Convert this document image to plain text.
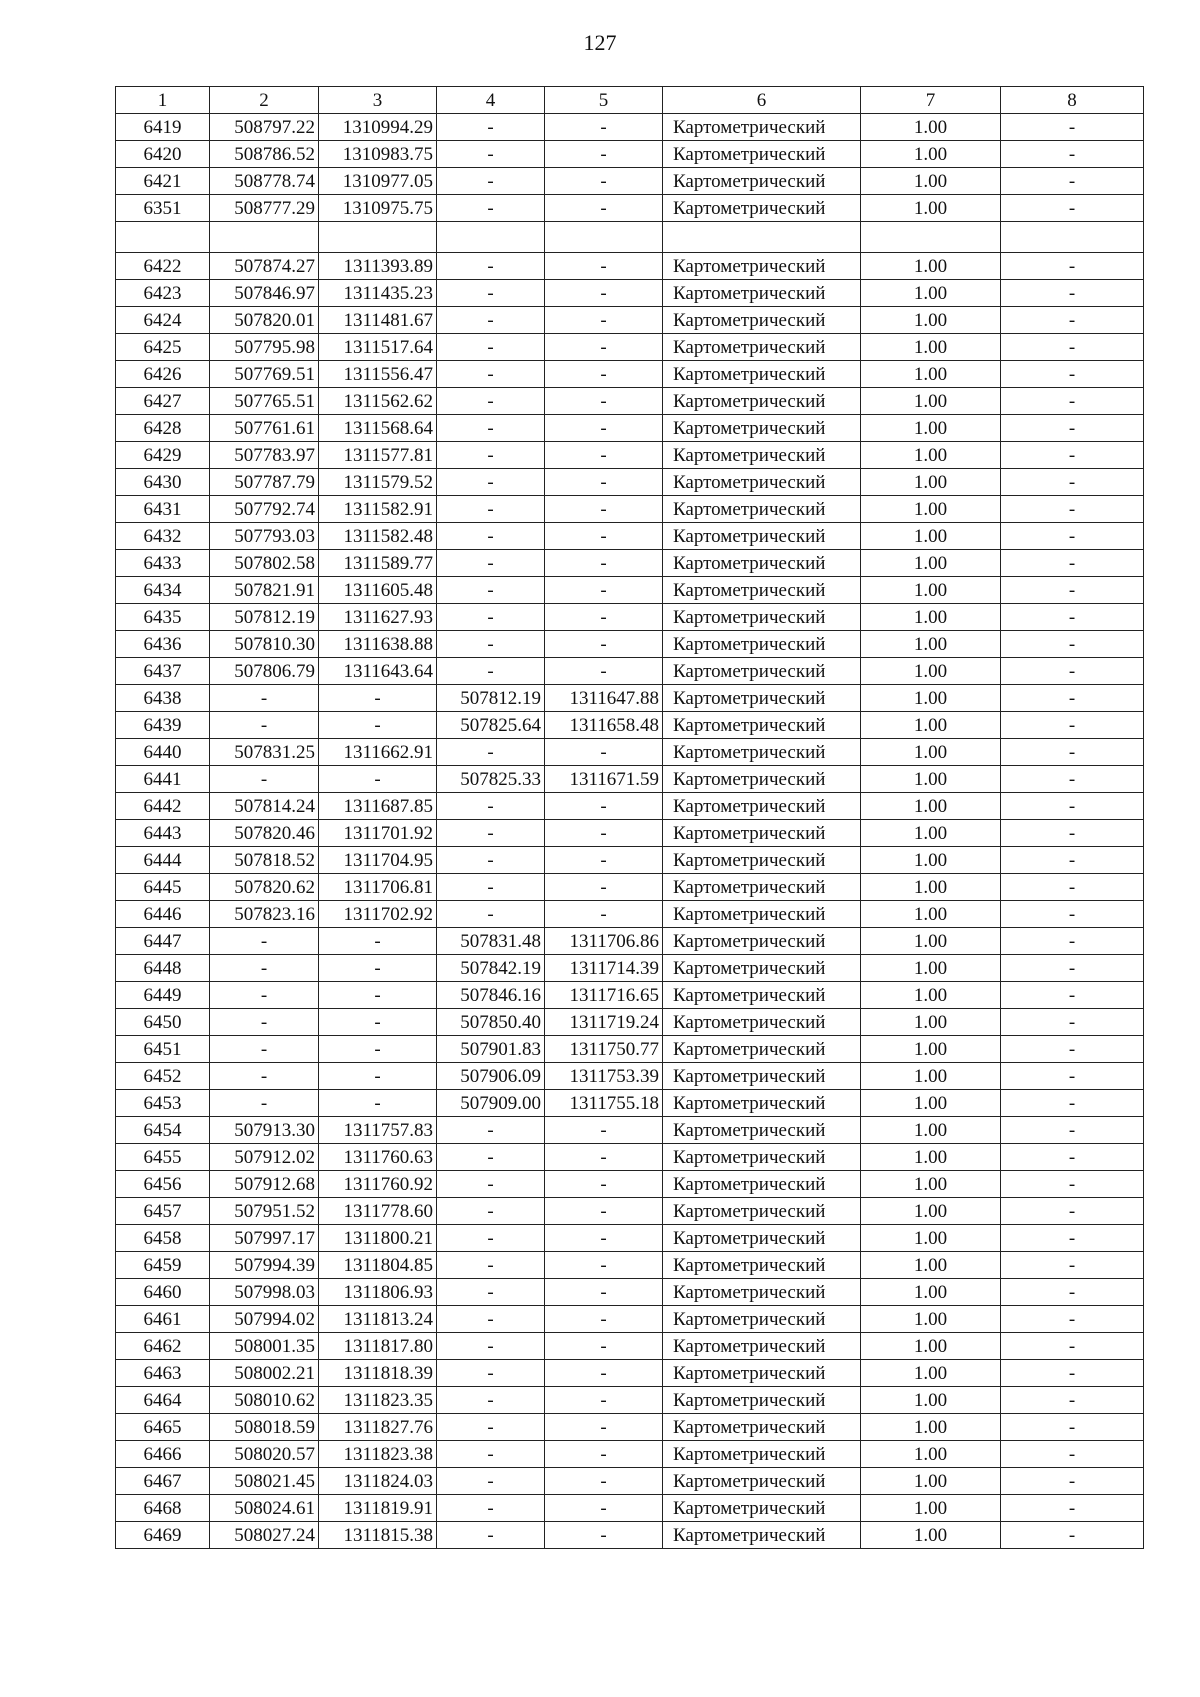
127
1	2	3	4	5	6	7	8
6419	508797.22	1310994.29	-	-	Картометрический	1.00	-
6420	508786.52	1310983.75	-	-	Картометрический	1.00	-
6421	508778.74	1310977.05	-	-	Картометрический	1.00	-
6351	508777.29	1310975.75	-	-	Картометрический	1.00	-

6422	507874.27	1311393.89	-	-	Картометрический	1.00	-
6423	507846.97	1311435.23	-	-	Картометрический	1.00	-
6424	507820.01	1311481.67	-	-	Картометрический	1.00	-
6425	507795.98	1311517.64	-	-	Картометрический	1.00	-
6426	507769.51	1311556.47	-	-	Картометрический	1.00	-
6427	507765.51	1311562.62	-	-	Картометрический	1.00	-
6428	507761.61	1311568.64	-	-	Картометрический	1.00	-
6429	507783.97	1311577.81	-	-	Картометрический	1.00	-
6430	507787.79	1311579.52	-	-	Картометрический	1.00	-
6431	507792.74	1311582.91	-	-	Картометрический	1.00	-
6432	507793.03	1311582.48	-	-	Картометрический	1.00	-
6433	507802.58	1311589.77	-	-	Картометрический	1.00	-
6434	507821.91	1311605.48	-	-	Картометрический	1.00	-
6435	507812.19	1311627.93	-	-	Картометрический	1.00	-
6436	507810.30	1311638.88	-	-	Картометрический	1.00	-
6437	507806.79	1311643.64	-	-	Картометрический	1.00	-
6438	-	-	507812.19	1311647.88	Картометрический	1.00	-
6439	-	-	507825.64	1311658.48	Картометрический	1.00	-
6440	507831.25	1311662.91	-	-	Картометрический	1.00	-
6441	-	-	507825.33	1311671.59	Картометрический	1.00	-
6442	507814.24	1311687.85	-	-	Картометрический	1.00	-
6443	507820.46	1311701.92	-	-	Картометрический	1.00	-
6444	507818.52	1311704.95	-	-	Картометрический	1.00	-
6445	507820.62	1311706.81	-	-	Картометрический	1.00	-
6446	507823.16	1311702.92	-	-	Картометрический	1.00	-
6447	-	-	507831.48	1311706.86	Картометрический	1.00	-
6448	-	-	507842.19	1311714.39	Картометрический	1.00	-
6449	-	-	507846.16	1311716.65	Картометрический	1.00	-
6450	-	-	507850.40	1311719.24	Картометрический	1.00	-
6451	-	-	507901.83	1311750.77	Картометрический	1.00	-
6452	-	-	507906.09	1311753.39	Картометрический	1.00	-
6453	-	-	507909.00	1311755.18	Картометрический	1.00	-
6454	507913.30	1311757.83	-	-	Картометрический	1.00	-
6455	507912.02	1311760.63	-	-	Картометрический	1.00	-
6456	507912.68	1311760.92	-	-	Картометрический	1.00	-
6457	507951.52	1311778.60	-	-	Картометрический	1.00	-
6458	507997.17	1311800.21	-	-	Картометрический	1.00	-
6459	507994.39	1311804.85	-	-	Картометрический	1.00	-
6460	507998.03	1311806.93	-	-	Картометрический	1.00	-
6461	507994.02	1311813.24	-	-	Картометрический	1.00	-
6462	508001.35	1311817.80	-	-	Картометрический	1.00	-
6463	508002.21	1311818.39	-	-	Картометрический	1.00	-
6464	508010.62	1311823.35	-	-	Картометрический	1.00	-
6465	508018.59	1311827.76	-	-	Картометрический	1.00	-
6466	508020.57	1311823.38	-	-	Картометрический	1.00	-
6467	508021.45	1311824.03	-	-	Картометрический	1.00	-
6468	508024.61	1311819.91	-	-	Картометрический	1.00	-
6469	508027.24	1311815.38	-	-	Картометрический	1.00	-
